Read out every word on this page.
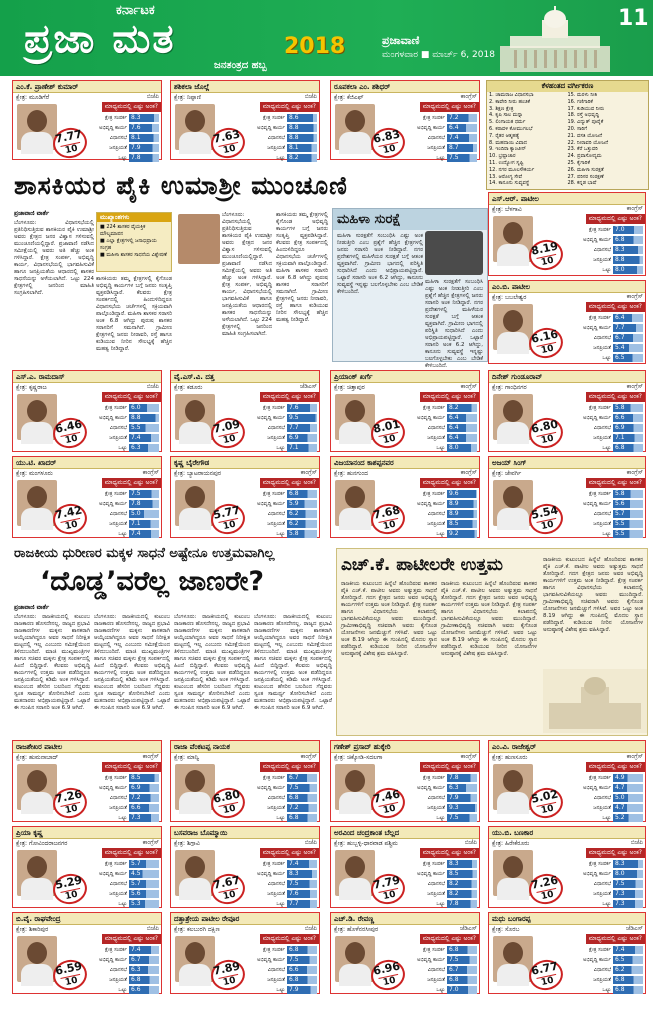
ಕರ್ನಾಟಕ
ಪ್ರಜಾ ಮತ	2018
ಜನತಂತ್ರದ ಹಬ್ಬ
ಪ್ರಜಾವಾಣಿ
ಮಂಗಳವಾರ ■ ಮಾರ್ಚ್ 6, 2018
11
ಕೆಳಹಂತದ ವರ್ಗೀಕರಣ
1. ಚಾಮರಾಜ ವಿಧಾನಸಭಾ
2. ಕಾವೇರಿ ನೀರು ಹಂಚಿಕೆ
3. ಶಿಕ್ಷಣ ಕ್ಷೇತ್ರ
4. ಕೃಷಿ ಸಾಲ ಮನ್ನಾ
5. ಲಿಂಗಾಯತ ಧರ್ಮ
6. ಕರಾವಳಿ ಕೋಮುಗಲಭೆ
7. ರೈತರ ಆತ್ಮಹತ್ಯೆ
8. ಮಹದಾಯಿ ವಿವಾದ
9. ಇಂದಿರಾ ಕ್ಯಾಂಟೀನ್
10. ಭ್ರಷ್ಟಾಚಾರ
11. ಉದ್ಯೋಗ ಸೃಷ್ಟಿ
12. ನಗರ ಮೂಲಸೌಕರ್ಯ
13. ಆರೋಗ್ಯ ಸೇವೆ
14. ಕಾನೂನು ಸುವ್ಯವಸ್ಥೆ
15. ಮರಳು ನೀತಿ
16. ಗಣಿಗಾರಿಕೆ
17. ಕುಡಿಯುವ ನೀರು
18. ರಸ್ತೆ ಅಭಿವೃದ್ಧಿ
19. ವಿದ್ಯುತ್ ಪೂರೈಕೆ
20. ಸಾರಿಗೆ
21. ವಸತಿ ಯೋಜನೆ
22. ನೀರಾವರಿ ಯೋಜನೆ
23. ಕೆರೆ ಒತ್ತುವರಿ
24. ಪ್ರವಾಸೋದ್ಯಮ
25. ಕೈಗಾರಿಕೆ
26. ಮಹಿಳಾ ಸುರಕ್ಷತೆ
27. ಪರಿಸರ ಸಂರಕ್ಷಣೆ
28. ಕನ್ನಡ ಭಾಷೆ
ಶಾಸಕಿಯರ ಪೈಕಿ ಉಮಾಶ್ರೀ ಮುಂಚೂಣಿ
ಪ್ರಜಾವಾಣಿ ವಾರ್ತೆ
ಬೆಂಗಳೂರು: ವಿಧಾನಸಭೆಯಲ್ಲಿ ಪ್ರತಿನಿಧಿಸುತ್ತಿರುವ ಶಾಸಕಿಯರ ಪೈಕಿ ಉಮಾಶ್ರೀ ಅವರು ಕ್ಷೇತ್ರದ ಜನರ ವಿಶ್ವಾಸ ಗಳಿಸುವಲ್ಲಿ ಮುಂಚೂಣಿಯಲ್ಲಿದ್ದಾರೆ. ಪ್ರಜಾವಾಣಿ ನಡೆಸಿದ ಸಮೀಕ್ಷೆಯಲ್ಲಿ ಅವರು ಅತಿ ಹೆಚ್ಚು ಅಂಕ ಗಳಿಸಿದ್ದಾರೆ. ಕ್ಷೇತ್ರ ಸಂಪರ್ಕ, ಅಭಿವೃದ್ಧಿ ಕಾರ್ಯ, ವಿಧಾನಸಭೆಯಲ್ಲಿ ಭಾಗವಹಿಸುವಿಕೆ ಹಾಗೂ ಜನಪ್ರಿಯತೆಯ ಆಧಾರದಲ್ಲಿ ಶಾಸಕರ ಸಾಧನೆಯನ್ನು ಅಳೆಯಲಾಗಿದೆ. ಒಟ್ಟು 224 ಕ್ಷೇತ್ರಗಳಲ್ಲಿ ಜನರಿಂದ ಮಾಹಿತಿ ಸಂಗ್ರಹಿಸಲಾಗಿದೆ.
ಮುಖ್ಯಾಂಶಗಳು
■ 224 ಶಾಸಕರ ವೈಯಕ್ತಿಕ ಮೌಲ್ಯಮಾಪನ
■ ಎಲ್ಲಾ ಕ್ಷೇತ್ರಗಳಲ್ಲಿ ಜನಾಭಿಪ್ರಾಯ ಸಂಗ್ರಹ
■ ಮಹಿಳಾ ಶಾಸಕರ ಸಾಧನೆಯ ವಿಶ್ಲೇಷಣೆ
ಶಾಸಕಿಯರು ತಮ್ಮ ಕ್ಷೇತ್ರಗಳಲ್ಲಿ ಕೈಗೊಂಡ ಅಭಿವೃದ್ಧಿ ಕಾರ್ಯಗಳ ಬಗ್ಗೆ ಜನರು ಸಂತೃಪ್ತಿ ವ್ಯಕ್ತಪಡಿಸಿದ್ದಾರೆ. ಕೆಲವರು ಕ್ಷೇತ್ರ ಸಂಪರ್ಕದಲ್ಲಿ ಹಿಂದುಳಿದಿದ್ದರೂ ವಿಧಾನಸಭೆಯ ಚರ್ಚೆಗಳಲ್ಲಿ ಸಕ್ರಿಯವಾಗಿ ಪಾಲ್ಗೊಂಡಿದ್ದಾರೆ. ಮಹಿಳಾ ಶಾಸಕರ ಸರಾಸರಿ ಅಂಕ 6.8 ಆಗಿದ್ದು ಪುರುಷ ಶಾಸಕರ ಸರಾಸರಿಗೆ ಸಮನಾಗಿದೆ. ಗ್ರಾಮೀಣ ಕ್ಷೇತ್ರಗಳಲ್ಲಿ ಜನರು ನೀರಾವರಿ, ರಸ್ತೆ ಹಾಗೂ ಕುಡಿಯುವ ನೀರಿನ ಸೌಲಭ್ಯಕ್ಕೆ ಹೆಚ್ಚಿನ ಮಹತ್ವ ನೀಡಿದ್ದಾರೆ.
ಬೆಂಗಳೂರು: ವಿಧಾನಸಭೆಯಲ್ಲಿ ಪ್ರತಿನಿಧಿಸುತ್ತಿರುವ ಶಾಸಕಿಯರ ಪೈಕಿ ಉಮಾಶ್ರೀ ಅವರು ಕ್ಷೇತ್ರದ ಜನರ ವಿಶ್ವಾಸ ಗಳಿಸುವಲ್ಲಿ ಮುಂಚೂಣಿಯಲ್ಲಿದ್ದಾರೆ. ಪ್ರಜಾವಾಣಿ ನಡೆಸಿದ ಸಮೀಕ್ಷೆಯಲ್ಲಿ ಅವರು ಅತಿ ಹೆಚ್ಚು ಅಂಕ ಗಳಿಸಿದ್ದಾರೆ. ಕ್ಷೇತ್ರ ಸಂಪರ್ಕ, ಅಭಿವೃದ್ಧಿ ಕಾರ್ಯ, ವಿಧಾನಸಭೆಯಲ್ಲಿ ಭಾಗವಹಿಸುವಿಕೆ ಹಾಗೂ ಜನಪ್ರಿಯತೆಯ ಆಧಾರದಲ್ಲಿ ಶಾಸಕರ ಸಾಧನೆಯನ್ನು ಅಳೆಯಲಾಗಿದೆ. ಒಟ್ಟು 224 ಕ್ಷೇತ್ರಗಳಲ್ಲಿ ಜನರಿಂದ ಮಾಹಿತಿ ಸಂಗ್ರಹಿಸಲಾಗಿದೆ.
ಶಾಸಕಿಯರು ತಮ್ಮ ಕ್ಷೇತ್ರಗಳಲ್ಲಿ ಕೈಗೊಂಡ ಅಭಿವೃದ್ಧಿ ಕಾರ್ಯಗಳ ಬಗ್ಗೆ ಜನರು ಸಂತೃಪ್ತಿ ವ್ಯಕ್ತಪಡಿಸಿದ್ದಾರೆ. ಕೆಲವರು ಕ್ಷೇತ್ರ ಸಂಪರ್ಕದಲ್ಲಿ ಹಿಂದುಳಿದಿದ್ದರೂ ವಿಧಾನಸಭೆಯ ಚರ್ಚೆಗಳಲ್ಲಿ ಸಕ್ರಿಯವಾಗಿ ಪಾಲ್ಗೊಂಡಿದ್ದಾರೆ. ಮಹಿಳಾ ಶಾಸಕರ ಸರಾಸರಿ ಅಂಕ 6.8 ಆಗಿದ್ದು ಪುರುಷ ಶಾಸಕರ ಸರಾಸರಿಗೆ ಸಮನಾಗಿದೆ. ಗ್ರಾಮೀಣ ಕ್ಷೇತ್ರಗಳಲ್ಲಿ ಜನರು ನೀರಾವರಿ, ರಸ್ತೆ ಹಾಗೂ ಕುಡಿಯುವ ನೀರಿನ ಸೌಲಭ್ಯಕ್ಕೆ ಹೆಚ್ಚಿನ ಮಹತ್ವ ನೀಡಿದ್ದಾರೆ.
ಮಹಿಳಾ ಸುರಕ್ಷೆ
ಮಹಿಳಾ ಸುರಕ್ಷತೆಗೆ ಸಂಬಂಧಿಸಿ ಎಷ್ಟು ಅಂಕ ನೀಡುತ್ತೀರಿ ಎಂಬ ಪ್ರಶ್ನೆಗೆ ಹೆಚ್ಚಿನ ಕ್ಷೇತ್ರಗಳಲ್ಲಿ ಜನರು ಸರಾಸರಿ ಅಂಕ ನೀಡಿದ್ದಾರೆ. ನಗರ ಪ್ರದೇಶಗಳಲ್ಲಿ ಮಹಿಳೆಯರ ಸುರಕ್ಷತೆ ಬಗ್ಗೆ ಆತಂಕ ವ್ಯಕ್ತವಾಗಿದೆ. ಗ್ರಾಮೀಣ ಭಾಗದಲ್ಲಿ ಪರಿಸ್ಥಿತಿ ಸುಧಾರಿಸಿದೆ ಎಂದು ಅಭಿಪ್ರಾಯಪಟ್ಟಿದ್ದಾರೆ. ಒಟ್ಟಾರೆ ಸರಾಸರಿ ಅಂಕ 6.2 ಆಗಿದ್ದು, ಕಾನೂನು ಸುವ್ಯವಸ್ಥೆ ಇನ್ನಷ್ಟು ಬಲಗೊಳ್ಳಬೇಕು ಎಂಬ ಬೇಡಿಕೆ ಕೇಳಿಬಂದಿದೆ.
ಮಹಿಳಾ ಸುರಕ್ಷತೆಗೆ ಸಂಬಂಧಿಸಿ ಎಷ್ಟು ಅಂಕ ನೀಡುತ್ತೀರಿ ಎಂಬ ಪ್ರಶ್ನೆಗೆ ಹೆಚ್ಚಿನ ಕ್ಷೇತ್ರಗಳಲ್ಲಿ ಜನರು ಸರಾಸರಿ ಅಂಕ ನೀಡಿದ್ದಾರೆ. ನಗರ ಪ್ರದೇಶಗಳಲ್ಲಿ ಮಹಿಳೆಯರ ಸುರಕ್ಷತೆ ಬಗ್ಗೆ ಆತಂಕ ವ್ಯಕ್ತವಾಗಿದೆ. ಗ್ರಾಮೀಣ ಭಾಗದಲ್ಲಿ ಪರಿಸ್ಥಿತಿ ಸುಧಾರಿಸಿದೆ ಎಂದು ಅಭಿಪ್ರಾಯಪಟ್ಟಿದ್ದಾರೆ. ಒಟ್ಟಾರೆ ಸರಾಸರಿ ಅಂಕ 6.2 ಆಗಿದ್ದು, ಕಾನೂನು ಸುವ್ಯವಸ್ಥೆ ಇನ್ನಷ್ಟು ಬಲಗೊಳ್ಳಬೇಕು ಎಂಬ ಬೇಡಿಕೆ ಕೇಳಿಬಂದಿದೆ.
ರಾಜಕೀಯ ಧುರೀಣರ ಮಕ್ಕಳ ಸಾಧನೆ ಅಷ್ಟೇನೂ ಉತ್ತಮವಾಗಿಲ್ಲ
‘ದೊಡ್ಡ’ವರೆಲ್ಲ ಜಾಣರೇ?
ಪ್ರಜಾವಾಣಿ ವಾರ್ತೆ
ಬೆಂಗಳೂರು: ರಾಜಕೀಯದಲ್ಲಿ ಕುಟುಂಬ ರಾಜಕಾರಣ ಹೊಸದೇನಲ್ಲ. ರಾಜ್ಯದ ಪ್ರಭಾವಿ ರಾಜಕಾರಣಿಗಳ ಮಕ್ಕಳು ಶಾಸಕರಾಗಿ ಆಯ್ಕೆಯಾಗಿದ್ದರೂ ಅವರ ಸಾಧನೆ ನಿರೀಕ್ಷಿತ ಮಟ್ಟದಲ್ಲಿ ಇಲ್ಲ ಎಂಬುದು ಸಮೀಕ್ಷೆಯಿಂದ ತಿಳಿದುಬಂದಿದೆ. ಮಾಜಿ ಮುಖ್ಯಮಂತ್ರಿಗಳ ಹಾಗೂ ಸಚಿವರ ಮಕ್ಕಳು ಕ್ಷೇತ್ರ ಸಂಪರ್ಕದಲ್ಲಿ ಹಿಂದೆ ಬಿದ್ದಿದ್ದಾರೆ. ಕೆಲವರು ಅಭಿವೃದ್ಧಿ ಕಾರ್ಯಗಳಲ್ಲಿ ಉತ್ತಮ ಅಂಕ ಪಡೆದಿದ್ದರೂ ಜನಪ್ರಿಯತೆಯಲ್ಲಿ ಕಡಿಮೆ ಅಂಕ ಗಳಿಸಿದ್ದಾರೆ. ಕುಟುಂಬದ ಹೆಸರಿನ ಬಲದಿಂದ ಗೆದ್ದವರು ಸ್ವಂತ ಸಾಮರ್ಥ್ಯ ತೋರಿಸಬೇಕಿದೆ ಎಂದು ಮತದಾರರು ಅಭಿಪ್ರಾಯಪಟ್ಟಿದ್ದಾರೆ. ಒಟ್ಟಾರೆ ಈ ಗುಂಪಿನ ಸರಾಸರಿ ಅಂಕ 6.9 ಆಗಿದೆ.
ಬೆಂಗಳೂರು: ರಾಜಕೀಯದಲ್ಲಿ ಕುಟುಂಬ ರಾಜಕಾರಣ ಹೊಸದೇನಲ್ಲ. ರಾಜ್ಯದ ಪ್ರಭಾವಿ ರಾಜಕಾರಣಿಗಳ ಮಕ್ಕಳು ಶಾಸಕರಾಗಿ ಆಯ್ಕೆಯಾಗಿದ್ದರೂ ಅವರ ಸಾಧನೆ ನಿರೀಕ್ಷಿತ ಮಟ್ಟದಲ್ಲಿ ಇಲ್ಲ ಎಂಬುದು ಸಮೀಕ್ಷೆಯಿಂದ ತಿಳಿದುಬಂದಿದೆ. ಮಾಜಿ ಮುಖ್ಯಮಂತ್ರಿಗಳ ಹಾಗೂ ಸಚಿವರ ಮಕ್ಕಳು ಕ್ಷೇತ್ರ ಸಂಪರ್ಕದಲ್ಲಿ ಹಿಂದೆ ಬಿದ್ದಿದ್ದಾರೆ. ಕೆಲವರು ಅಭಿವೃದ್ಧಿ ಕಾರ್ಯಗಳಲ್ಲಿ ಉತ್ತಮ ಅಂಕ ಪಡೆದಿದ್ದರೂ ಜನಪ್ರಿಯತೆಯಲ್ಲಿ ಕಡಿಮೆ ಅಂಕ ಗಳಿಸಿದ್ದಾರೆ. ಕುಟುಂಬದ ಹೆಸರಿನ ಬಲದಿಂದ ಗೆದ್ದವರು ಸ್ವಂತ ಸಾಮರ್ಥ್ಯ ತೋರಿಸಬೇಕಿದೆ ಎಂದು ಮತದಾರರು ಅಭಿಪ್ರಾಯಪಟ್ಟಿದ್ದಾರೆ. ಒಟ್ಟಾರೆ ಈ ಗುಂಪಿನ ಸರಾಸರಿ ಅಂಕ 6.9 ಆಗಿದೆ.
ಬೆಂಗಳೂರು: ರಾಜಕೀಯದಲ್ಲಿ ಕುಟುಂಬ ರಾಜಕಾರಣ ಹೊಸದೇನಲ್ಲ. ರಾಜ್ಯದ ಪ್ರಭಾವಿ ರಾಜಕಾರಣಿಗಳ ಮಕ್ಕಳು ಶಾಸಕರಾಗಿ ಆಯ್ಕೆಯಾಗಿದ್ದರೂ ಅವರ ಸಾಧನೆ ನಿರೀಕ್ಷಿತ ಮಟ್ಟದಲ್ಲಿ ಇಲ್ಲ ಎಂಬುದು ಸಮೀಕ್ಷೆಯಿಂದ ತಿಳಿದುಬಂದಿದೆ. ಮಾಜಿ ಮುಖ್ಯಮಂತ್ರಿಗಳ ಹಾಗೂ ಸಚಿವರ ಮಕ್ಕಳು ಕ್ಷೇತ್ರ ಸಂಪರ್ಕದಲ್ಲಿ ಹಿಂದೆ ಬಿದ್ದಿದ್ದಾರೆ. ಕೆಲವರು ಅಭಿವೃದ್ಧಿ ಕಾರ್ಯಗಳಲ್ಲಿ ಉತ್ತಮ ಅಂಕ ಪಡೆದಿದ್ದರೂ ಜನಪ್ರಿಯತೆಯಲ್ಲಿ ಕಡಿಮೆ ಅಂಕ ಗಳಿಸಿದ್ದಾರೆ. ಕುಟುಂಬದ ಹೆಸರಿನ ಬಲದಿಂದ ಗೆದ್ದವರು ಸ್ವಂತ ಸಾಮರ್ಥ್ಯ ತೋರಿಸಬೇಕಿದೆ ಎಂದು ಮತದಾರರು ಅಭಿಪ್ರಾಯಪಟ್ಟಿದ್ದಾರೆ. ಒಟ್ಟಾರೆ ಈ ಗುಂಪಿನ ಸರಾಸರಿ ಅಂಕ 6.9 ಆಗಿದೆ.
ಬೆಂಗಳೂರು: ರಾಜಕೀಯದಲ್ಲಿ ಕುಟುಂಬ ರಾಜಕಾರಣ ಹೊಸದೇನಲ್ಲ. ರಾಜ್ಯದ ಪ್ರಭಾವಿ ರಾಜಕಾರಣಿಗಳ ಮಕ್ಕಳು ಶಾಸಕರಾಗಿ ಆಯ್ಕೆಯಾಗಿದ್ದರೂ ಅವರ ಸಾಧನೆ ನಿರೀಕ್ಷಿತ ಮಟ್ಟದಲ್ಲಿ ಇಲ್ಲ ಎಂಬುದು ಸಮೀಕ್ಷೆಯಿಂದ ತಿಳಿದುಬಂದಿದೆ. ಮಾಜಿ ಮುಖ್ಯಮಂತ್ರಿಗಳ ಹಾಗೂ ಸಚಿವರ ಮಕ್ಕಳು ಕ್ಷೇತ್ರ ಸಂಪರ್ಕದಲ್ಲಿ ಹಿಂದೆ ಬಿದ್ದಿದ್ದಾರೆ. ಕೆಲವರು ಅಭಿವೃದ್ಧಿ ಕಾರ್ಯಗಳಲ್ಲಿ ಉತ್ತಮ ಅಂಕ ಪಡೆದಿದ್ದರೂ ಜನಪ್ರಿಯತೆಯಲ್ಲಿ ಕಡಿಮೆ ಅಂಕ ಗಳಿಸಿದ್ದಾರೆ. ಕುಟುಂಬದ ಹೆಸರಿನ ಬಲದಿಂದ ಗೆದ್ದವರು ಸ್ವಂತ ಸಾಮರ್ಥ್ಯ ತೋರಿಸಬೇಕಿದೆ ಎಂದು ಮತದಾರರು ಅಭಿಪ್ರಾಯಪಟ್ಟಿದ್ದಾರೆ. ಒಟ್ಟಾರೆ ಈ ಗುಂಪಿನ ಸರಾಸರಿ ಅಂಕ 6.9 ಆಗಿದೆ.
ಎಚ್.ಕೆ. ಪಾಟೀಲರೇ ಉತ್ತಮ
ರಾಜಕೀಯ ಕುಟುಂಬದ ಹಿನ್ನೆಲೆ ಹೊಂದಿರುವ ಶಾಸಕರ ಪೈಕಿ ಎಚ್.ಕೆ. ಪಾಟೀಲ ಅವರು ಅತ್ಯುತ್ತಮ ಸಾಧನೆ ತೋರಿದ್ದಾರೆ. ಗದಗ ಕ್ಷೇತ್ರದ ಜನರು ಅವರ ಅಭಿವೃದ್ಧಿ ಕಾರ್ಯಗಳಿಗೆ ಉತ್ತಮ ಅಂಕ ನೀಡಿದ್ದಾರೆ. ಕ್ಷೇತ್ರ ಸಂಪರ್ಕ ಹಾಗೂ ವಿಧಾನಸಭೆಯ ಕಲಾಪದಲ್ಲಿ ಭಾಗವಹಿಸುವಿಕೆಯಲ್ಲೂ ಅವರು ಮುಂದಿದ್ದಾರೆ. ಗ್ರಾಮೀಣಾಭಿವೃದ್ಧಿ ಸಚಿವರಾಗಿ ಅವರು ಕೈಗೊಂಡ ಯೋಜನೆಗಳು ಜನಮೆಚ್ಚುಗೆ ಗಳಿಸಿವೆ. ಅವರ ಒಟ್ಟು ಅಂಕ 8.19 ಆಗಿದ್ದು ಈ ಗುಂಪಿನಲ್ಲಿ ಮೊದಲ ಸ್ಥಾನ ಪಡೆದಿದ್ದಾರೆ. ಕುಡಿಯುವ ನೀರಿನ ಯೋಜನೆಗಳ ಅನುಷ್ಠಾನಕ್ಕೆ ವಿಶೇಷ ಶ್ರಮ ವಹಿಸಿದ್ದಾರೆ.
ರಾಜಕೀಯ ಕುಟುಂಬದ ಹಿನ್ನೆಲೆ ಹೊಂದಿರುವ ಶಾಸಕರ ಪೈಕಿ ಎಚ್.ಕೆ. ಪಾಟೀಲ ಅವರು ಅತ್ಯುತ್ತಮ ಸಾಧನೆ ತೋರಿದ್ದಾರೆ. ಗದಗ ಕ್ಷೇತ್ರದ ಜನರು ಅವರ ಅಭಿವೃದ್ಧಿ ಕಾರ್ಯಗಳಿಗೆ ಉತ್ತಮ ಅಂಕ ನೀಡಿದ್ದಾರೆ. ಕ್ಷೇತ್ರ ಸಂಪರ್ಕ ಹಾಗೂ ವಿಧಾನಸಭೆಯ ಕಲಾಪದಲ್ಲಿ ಭಾಗವಹಿಸುವಿಕೆಯಲ್ಲೂ ಅವರು ಮುಂದಿದ್ದಾರೆ. ಗ್ರಾಮೀಣಾಭಿವೃದ್ಧಿ ಸಚಿವರಾಗಿ ಅವರು ಕೈಗೊಂಡ ಯೋಜನೆಗಳು ಜನಮೆಚ್ಚುಗೆ ಗಳಿಸಿವೆ. ಅವರ ಒಟ್ಟು ಅಂಕ 8.19 ಆಗಿದ್ದು ಈ ಗುಂಪಿನಲ್ಲಿ ಮೊದಲ ಸ್ಥಾನ ಪಡೆದಿದ್ದಾರೆ. ಕುಡಿಯುವ ನೀರಿನ ಯೋಜನೆಗಳ ಅನುಷ್ಠಾನಕ್ಕೆ ವಿಶೇಷ ಶ್ರಮ ವಹಿಸಿದ್ದಾರೆ.
ರಾಜಕೀಯ ಕುಟುಂಬದ ಹಿನ್ನೆಲೆ ಹೊಂದಿರುವ ಶಾಸಕರ ಪೈಕಿ ಎಚ್.ಕೆ. ಪಾಟೀಲ ಅವರು ಅತ್ಯುತ್ತಮ ಸಾಧನೆ ತೋರಿದ್ದಾರೆ. ಗದಗ ಕ್ಷೇತ್ರದ ಜನರು ಅವರ ಅಭಿವೃದ್ಧಿ ಕಾರ್ಯಗಳಿಗೆ ಉತ್ತಮ ಅಂಕ ನೀಡಿದ್ದಾರೆ. ಕ್ಷೇತ್ರ ಸಂಪರ್ಕ ಹಾಗೂ ವಿಧಾನಸಭೆಯ ಕಲಾಪದಲ್ಲಿ ಭಾಗವಹಿಸುವಿಕೆಯಲ್ಲೂ ಅವರು ಮುಂದಿದ್ದಾರೆ. ಗ್ರಾಮೀಣಾಭಿವೃದ್ಧಿ ಸಚಿವರಾಗಿ ಅವರು ಕೈಗೊಂಡ ಯೋಜನೆಗಳು ಜನಮೆಚ್ಚುಗೆ ಗಳಿಸಿವೆ. ಅವರ ಒಟ್ಟು ಅಂಕ 8.19 ಆಗಿದ್ದು ಈ ಗುಂಪಿನಲ್ಲಿ ಮೊದಲ ಸ್ಥಾನ ಪಡೆದಿದ್ದಾರೆ. ಕುಡಿಯುವ ನೀರಿನ ಯೋಜನೆಗಳ ಅನುಷ್ಠಾನಕ್ಕೆ ವಿಶೇಷ ಶ್ರಮ ವಹಿಸಿದ್ದಾರೆ.
ಎಂ.ಕೆ. ಪ್ರಾಣೇಶ್ ಕುಮಾರ್
ಬಿಜೆಪಿ
ಕ್ಷೇತ್ರ: ಮೂಡಿಗೆರೆ
ಮಾಧ್ಯಮದಲ್ಲಿ ಎಷ್ಟು ಅಂಕ?
7.77
10
ಕ್ಷೇತ್ರ ಸಂಪರ್ಕ 8.3
ಅಭಿವೃದ್ಧಿ ಕಾರ್ಯ 7.6
ವಿಧಾನಸಭೆ 8.1
ಜನಪ್ರಿಯತೆ 7.9
ಒಟ್ಟು 7.8
ಶಶಿಕಲಾ ಜೊಲ್ಲೆ
ಬಿಜೆಪಿ
ಕ್ಷೇತ್ರ: ನಿಪ್ಪಾಣಿ
ಮಾಧ್ಯಮದಲ್ಲಿ ಎಷ್ಟು ಅಂಕ?
7.63
10
ಕ್ಷೇತ್ರ ಸಂಪರ್ಕ 8.6
ಅಭಿವೃದ್ಧಿ ಕಾರ್ಯ 8.8
ವಿಧಾನಸಭೆ 8.8
ಜನಪ್ರಿಯತೆ 8.1
ಒಟ್ಟು 8.2
ರೂಪಕಲಾ ಎಂ. ಶಶಿಧರ್
ಕಾಂಗ್ರೆಸ್
ಕ್ಷೇತ್ರ: ಕೆಜಿಎಫ್
ಮಾಧ್ಯಮದಲ್ಲಿ ಎಷ್ಟು ಅಂಕ?
6.83
10
ಕ್ಷೇತ್ರ ಸಂಪರ್ಕ 7.2
ಅಭಿವೃದ್ಧಿ ಕಾರ್ಯ 6.4
ವಿಧಾನಸಭೆ 7.4
ಜನಪ್ರಿಯತೆ 8.7
ಒಟ್ಟು 7.5
ಎಸ್.ಆರ್. ಪಾಟೀಲ
ಕಾಂಗ್ರೆಸ್
ಕ್ಷೇತ್ರ: ಬೆಳಗಾವಿ
ಮಾಧ್ಯಮದಲ್ಲಿ ಎಷ್ಟು ಅಂಕ?
8.19
10
ಕ್ಷೇತ್ರ ಸಂಪರ್ಕ 7.0
ಅಭಿವೃದ್ಧಿ ಕಾರ್ಯ 6.8
ವಿಧಾನಸಭೆ 8.3
ಜನಪ್ರಿಯತೆ 8.8
ಒಟ್ಟು 8.0
ಎಂ.ಬಿ. ಪಾಟೀಲ
ಕಾಂಗ್ರೆಸ್
ಕ್ಷೇತ್ರ: ಬಬಲೇಶ್ವರ
ಮಾಧ್ಯಮದಲ್ಲಿ ಎಷ್ಟು ಅಂಕ?
6.16
10
ಕ್ಷೇತ್ರ ಸಂಪರ್ಕ 6.4
ಅಭಿವೃದ್ಧಿ ಕಾರ್ಯ 7.7
ವಿಧಾನಸಭೆ 6.7
ಜನಪ್ರಿಯತೆ 5.4
ಒಟ್ಟು 6.5
ಎಸ್.ಎ. ರಾಮದಾಸ್
ಬಿಜೆಪಿ
ಕ್ಷೇತ್ರ: ಕೃಷ್ಣರಾಜ
ಮಾಧ್ಯಮದಲ್ಲಿ ಎಷ್ಟು ಅಂಕ?
6.46
10
ಕ್ಷೇತ್ರ ಸಂಪರ್ಕ 6.0
ಅಭಿವೃದ್ಧಿ ಕಾರ್ಯ 8.8
ವಿಧಾನಸಭೆ 5.5
ಜನಪ್ರಿಯತೆ 7.4
ಒಟ್ಟು 6.3
ವೈ.ಎಸ್.ವಿ. ದತ್ತ
ಜೆಡಿಎಸ್
ಕ್ಷೇತ್ರ: ಕಡೂರು
ಮಾಧ್ಯಮದಲ್ಲಿ ಎಷ್ಟು ಅಂಕ?
7.09
10
ಕ್ಷೇತ್ರ ಸಂಪರ್ಕ 7.6
ಅಭಿವೃದ್ಧಿ ಕಾರ್ಯ 9.5
ವಿಧಾನಸಭೆ 7.7
ಜನಪ್ರಿಯತೆ 6.9
ಒಟ್ಟು 7.1
ಪ್ರಿಯಾಂಕ್ ಖರ್ಗೆ
ಕಾಂಗ್ರೆಸ್
ಕ್ಷೇತ್ರ: ಚಿತ್ತಾಪುರ
ಮಾಧ್ಯಮದಲ್ಲಿ ಎಷ್ಟು ಅಂಕ?
8.01
10
ಕ್ಷೇತ್ರ ಸಂಪರ್ಕ 8.2
ಅಭಿವೃದ್ಧಿ ಕಾರ್ಯ 6.4
ವಿಧಾನಸಭೆ 6.4
ಜನಪ್ರಿಯತೆ 6.4
ಒಟ್ಟು 8.0
ದಿನೇಶ್ ಗುಂಡೂರಾವ್
ಕಾಂಗ್ರೆಸ್
ಕ್ಷೇತ್ರ: ಗಾಂಧಿನಗರ
ಮಾಧ್ಯಮದಲ್ಲಿ ಎಷ್ಟು ಅಂಕ?
6.80
10
ಕ್ಷೇತ್ರ ಸಂಪರ್ಕ 5.8
ಅಭಿವೃದ್ಧಿ ಕಾರ್ಯ 6.6
ವಿಧಾನಸಭೆ 6.9
ಜನಪ್ರಿಯತೆ 7.1
ಒಟ್ಟು 6.8
ಯು.ಟಿ. ಖಾದರ್
ಕಾಂಗ್ರೆಸ್
ಕ್ಷೇತ್ರ: ಮಂಗಳೂರು
ಮಾಧ್ಯಮದಲ್ಲಿ ಎಷ್ಟು ಅಂಕ?
7.42
10
ಕ್ಷೇತ್ರ ಸಂಪರ್ಕ 7.5
ಅಭಿವೃದ್ಧಿ ಕಾರ್ಯ 7.8
ವಿಧಾನಸಭೆ 5.0
ಜನಪ್ರಿಯತೆ 7.1
ಒಟ್ಟು 7.4
ಕೃಷ್ಣ ಬೈರೇಗೌಡ
ಕಾಂಗ್ರೆಸ್
ಕ್ಷೇತ್ರ: ಬ್ಯಾಟರಾಯನಪುರ
ಮಾಧ್ಯಮದಲ್ಲಿ ಎಷ್ಟು ಅಂಕ?
5.77
10
ಕ್ಷೇತ್ರ ಸಂಪರ್ಕ 6.8
ಅಭಿವೃದ್ಧಿ ಕಾರ್ಯ 5.9
ವಿಧಾನಸಭೆ 6.2
ಜನಪ್ರಿಯತೆ 6.2
ಒಟ್ಟು 5.8
ವಿಜಯಾನಂದ ಕಾಶಪ್ಪನವರ
ಕಾಂಗ್ರೆಸ್
ಕ್ಷೇತ್ರ: ಹುನಗುಂದ
ಮಾಧ್ಯಮದಲ್ಲಿ ಎಷ್ಟು ಅಂಕ?
7.68
10
ಕ್ಷೇತ್ರ ಸಂಪರ್ಕ 9.6
ಅಭಿವೃದ್ಧಿ ಕಾರ್ಯ 8.9
ವಿಧಾನಸಭೆ 8.9
ಜನಪ್ರಿಯತೆ 8.5
ಒಟ್ಟು 9.2
ಅಜಯ್ ಸಿಂಗ್
ಕಾಂಗ್ರೆಸ್
ಕ್ಷೇತ್ರ: ಜೇವರ್ಗಿ
ಮಾಧ್ಯಮದಲ್ಲಿ ಎಷ್ಟು ಅಂಕ?
5.54
10
ಕ್ಷೇತ್ರ ಸಂಪರ್ಕ 5.8
ಅಭಿವೃದ್ಧಿ ಕಾರ್ಯ 5.6
ವಿಧಾನಸಭೆ 5.7
ಜನಪ್ರಿಯತೆ 5.5
ಒಟ್ಟು 5.5
ರಾಜಶೇಖರ ಪಾಟೀಲ
ಕಾಂಗ್ರೆಸ್
ಕ್ಷೇತ್ರ: ಹುಮನಾಬಾದ್
ಮಾಧ್ಯಮದಲ್ಲಿ ಎಷ್ಟು ಅಂಕ?
7.26
10
ಕ್ಷೇತ್ರ ಸಂಪರ್ಕ 8.5
ಅಭಿವೃದ್ಧಿ ಕಾರ್ಯ 6.9
ವಿಧಾನಸಭೆ 7.2
ಜನಪ್ರಿಯತೆ 6.6
ಒಟ್ಟು 7.3
ರಾಜಾ ವೆಂಕಟಪ್ಪ ನಾಯಕ
ಕಾಂಗ್ರೆಸ್
ಕ್ಷೇತ್ರ: ಮಾನ್ವಿ
ಮಾಧ್ಯಮದಲ್ಲಿ ಎಷ್ಟು ಅಂಕ?
6.80
10
ಕ್ಷೇತ್ರ ಸಂಪರ್ಕ 6.7
ಅಭಿವೃದ್ಧಿ ಕಾರ್ಯ 7.5
ವಿಧಾನಸಭೆ 6.8
ಜನಪ್ರಿಯತೆ 7.2
ಒಟ್ಟು 6.8
ಗಣೇಶ್ ಪ್ರಸಾದ್ ಹುಕ್ಕೇರಿ
ಕಾಂಗ್ರೆಸ್
ಕ್ಷೇತ್ರ: ಚಿಕ್ಕೋಡಿ-ಸದಲಗಾ
ಮಾಧ್ಯಮದಲ್ಲಿ ಎಷ್ಟು ಅಂಕ?
7.46
10
ಕ್ಷೇತ್ರ ಸಂಪರ್ಕ 7.8
ಅಭಿವೃದ್ಧಿ ಕಾರ್ಯ 6.3
ವಿಧಾನಸಭೆ 7.9
ಜನಪ್ರಿಯತೆ 9.3
ಒಟ್ಟು 7.5
ಎಂ.ವಿ. ರಾಜೇಶ್ವರ್
ಕಾಂಗ್ರೆಸ್
ಕ್ಷೇತ್ರ: ಹುಣಸೂರು
ಮಾಧ್ಯಮದಲ್ಲಿ ಎಷ್ಟು ಅಂಕ?
5.02
10
ಕ್ಷೇತ್ರ ಸಂಪರ್ಕ 4.9
ಅಭಿವೃದ್ಧಿ ಕಾರ್ಯ 4.7
ವಿಧಾನಸಭೆ 5.0
ಜನಪ್ರಿಯತೆ 4.7
ಒಟ್ಟು 5.2
ಪ್ರಿಯಾ ಕೃಷ್ಣ
ಕಾಂಗ್ರೆಸ್
ಕ್ಷೇತ್ರ: ಗೋವಿಂದರಾಜನಗರ
ಮಾಧ್ಯಮದಲ್ಲಿ ಎಷ್ಟು ಅಂಕ?
5.29
10
ಕ್ಷೇತ್ರ ಸಂಪರ್ಕ 5.7
ಅಭಿವೃದ್ಧಿ ಕಾರ್ಯ 4.5
ವಿಧಾನಸಭೆ 5.7
ಜನಪ್ರಿಯತೆ 5.6
ಒಟ್ಟು 5.3
ಬಸವರಾಜ ಬೊಮ್ಮಾಯಿ
ಬಿಜೆಪಿ
ಕ್ಷೇತ್ರ: ಶಿಗ್ಗಾವಿ
ಮಾಧ್ಯಮದಲ್ಲಿ ಎಷ್ಟು ಅಂಕ?
7.67
10
ಕ್ಷೇತ್ರ ಸಂಪರ್ಕ 7.4
ಅಭಿವೃದ್ಧಿ ಕಾರ್ಯ 8.3
ವಿಧಾನಸಭೆ 7.5
ಜನಪ್ರಿಯತೆ 7.6
ಒಟ್ಟು 7.7
ಅರವಿಂದ ಚಂದ್ರಕಾಂತ ಬೆಲ್ಲದ
ಬಿಜೆಪಿ
ಕ್ಷೇತ್ರ: ಹುಬ್ಬಳ್ಳಿ-ಧಾರವಾಡ ಪಶ್ಚಿಮ
ಮಾಧ್ಯಮದಲ್ಲಿ ಎಷ್ಟು ಅಂಕ?
7.79
10
ಕ್ಷೇತ್ರ ಸಂಪರ್ಕ 8.3
ಅಭಿವೃದ್ಧಿ ಕಾರ್ಯ 8.5
ವಿಧಾನಸಭೆ 8.2
ಜನಪ್ರಿಯತೆ 8.2
ಒಟ್ಟು 7.8
ಯು.ಬಿ. ಬಣಕಾರ
ಬಿಜೆಪಿ
ಕ್ಷೇತ್ರ: ಹಿರೇಕೆರೂರು
ಮಾಧ್ಯಮದಲ್ಲಿ ಎಷ್ಟು ಅಂಕ?
7.26
10
ಕ್ಷೇತ್ರ ಸಂಪರ್ಕ 8.3
ಅಭಿವೃದ್ಧಿ ಕಾರ್ಯ 8.0
ವಿಧಾನಸಭೆ 7.5
ಜನಪ್ರಿಯತೆ 7.3
ಒಟ್ಟು 7.3
ಬಿ.ವೈ. ರಾಘವೇಂದ್ರ
ಬಿಜೆಪಿ
ಕ್ಷೇತ್ರ: ಶಿಕಾರಿಪುರ
ಮಾಧ್ಯಮದಲ್ಲಿ ಎಷ್ಟು ಅಂಕ?
6.59
10
ಕ್ಷೇತ್ರ ಸಂಪರ್ಕ 7.4
ಅಭಿವೃದ್ಧಿ ಕಾರ್ಯ 6.7
ವಿಧಾನಸಭೆ 6.3
ಜನಪ್ರಿಯತೆ 6.8
ಒಟ್ಟು 6.6
ದತ್ತಾತ್ರೇಯ ಪಾಟೀಲ ರೇವೂರ
ಬಿಜೆಪಿ
ಕ್ಷೇತ್ರ: ಕಲಬುರಗಿ ದಕ್ಷಿಣ
ಮಾಧ್ಯಮದಲ್ಲಿ ಎಷ್ಟು ಅಂಕ?
7.89
10
ಕ್ಷೇತ್ರ ಸಂಪರ್ಕ 6.8
ಅಭಿವೃದ್ಧಿ ಕಾರ್ಯ 7.5
ವಿಧಾನಸಭೆ 6.6
ಜನಪ್ರಿಯತೆ 6.8
ಒಟ್ಟು 7.9
ಎಚ್.ಡಿ. ರೇವಣ್ಣ
ಜೆಡಿಎಸ್
ಕ್ಷೇತ್ರ: ಹೊಳೆನರಸೀಪುರ
ಮಾಧ್ಯಮದಲ್ಲಿ ಎಷ್ಟು ಅಂಕ?
6.96
10
ಕ್ಷೇತ್ರ ಸಂಪರ್ಕ 6.8
ಅಭಿವೃದ್ಧಿ ಕಾರ್ಯ 7.5
ವಿಧಾನಸಭೆ 6.7
ಜನಪ್ರಿಯತೆ 6.8
ಒಟ್ಟು 7.0
ಮಧು ಬಂಗಾರಪ್ಪ
ಜೆಡಿಎಸ್
ಕ್ಷೇತ್ರ: ಸೊರಬ
ಮಾಧ್ಯಮದಲ್ಲಿ ಎಷ್ಟು ಅಂಕ?
6.77
10
ಕ್ಷೇತ್ರ ಸಂಪರ್ಕ 7.4
ಅಭಿವೃದ್ಧಿ ಕಾರ್ಯ 6.5
ವಿಧಾನಸಭೆ 6.2
ಜನಪ್ರಿಯತೆ 6.8
ಒಟ್ಟು 6.8
